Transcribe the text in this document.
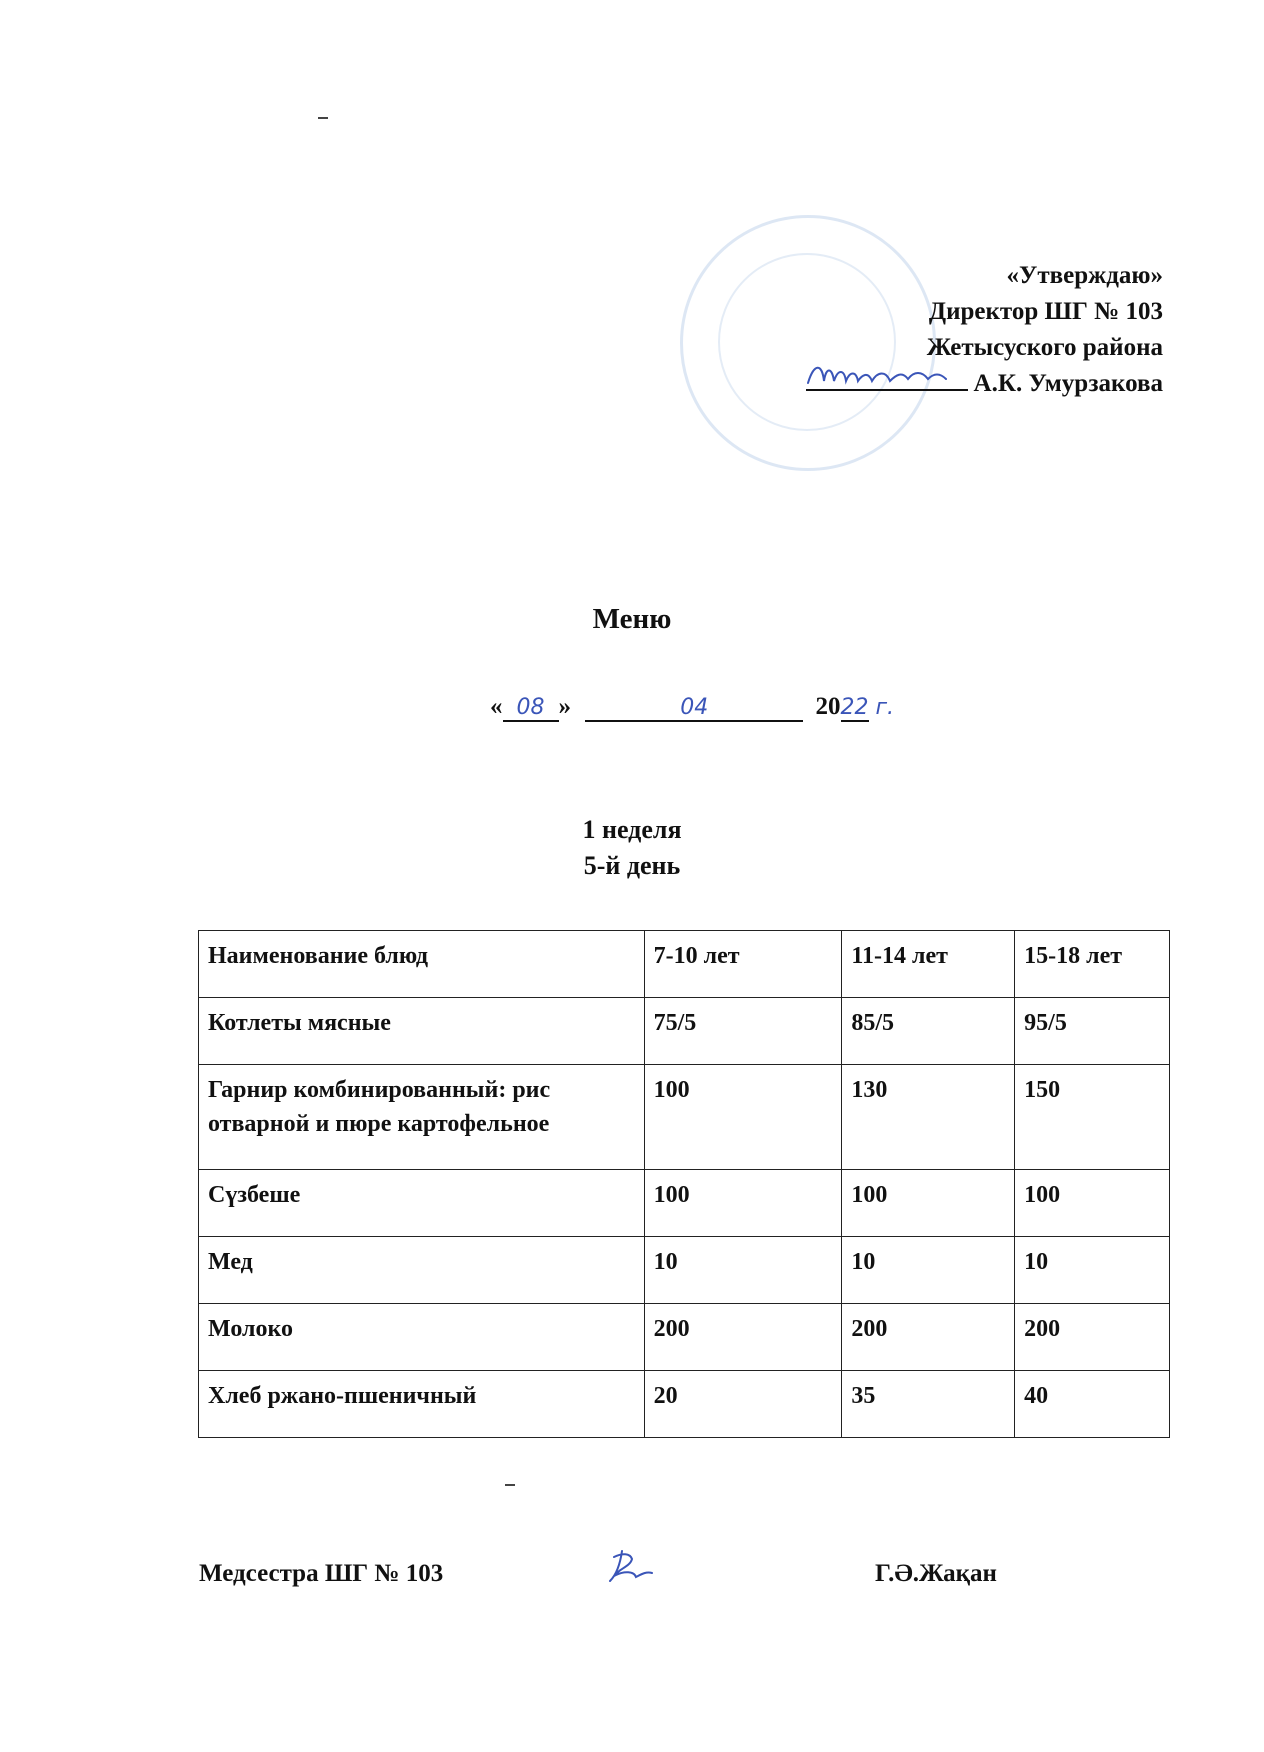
«Утверждаю»
Директор ШГ № 103
Жетысуского района
А.К. Умурзакова
Меню
« 08 »	04	2022 г.
1 неделя
5-й день
Наименование блюд	7-10 лет	11-14 лет	15-18 лет
Котлеты мясные	75/5	85/5	95/5
Гарнир комбинированный: рис отварной и пюре картофельное	100	130	150
Сүзбеше	100	100	100
Мед	10	10	10
Молоко	200	200	200
Хлеб ржано-пшеничный	20	35	40
Медсестра ШГ № 103	Г.Ә.Жақан
